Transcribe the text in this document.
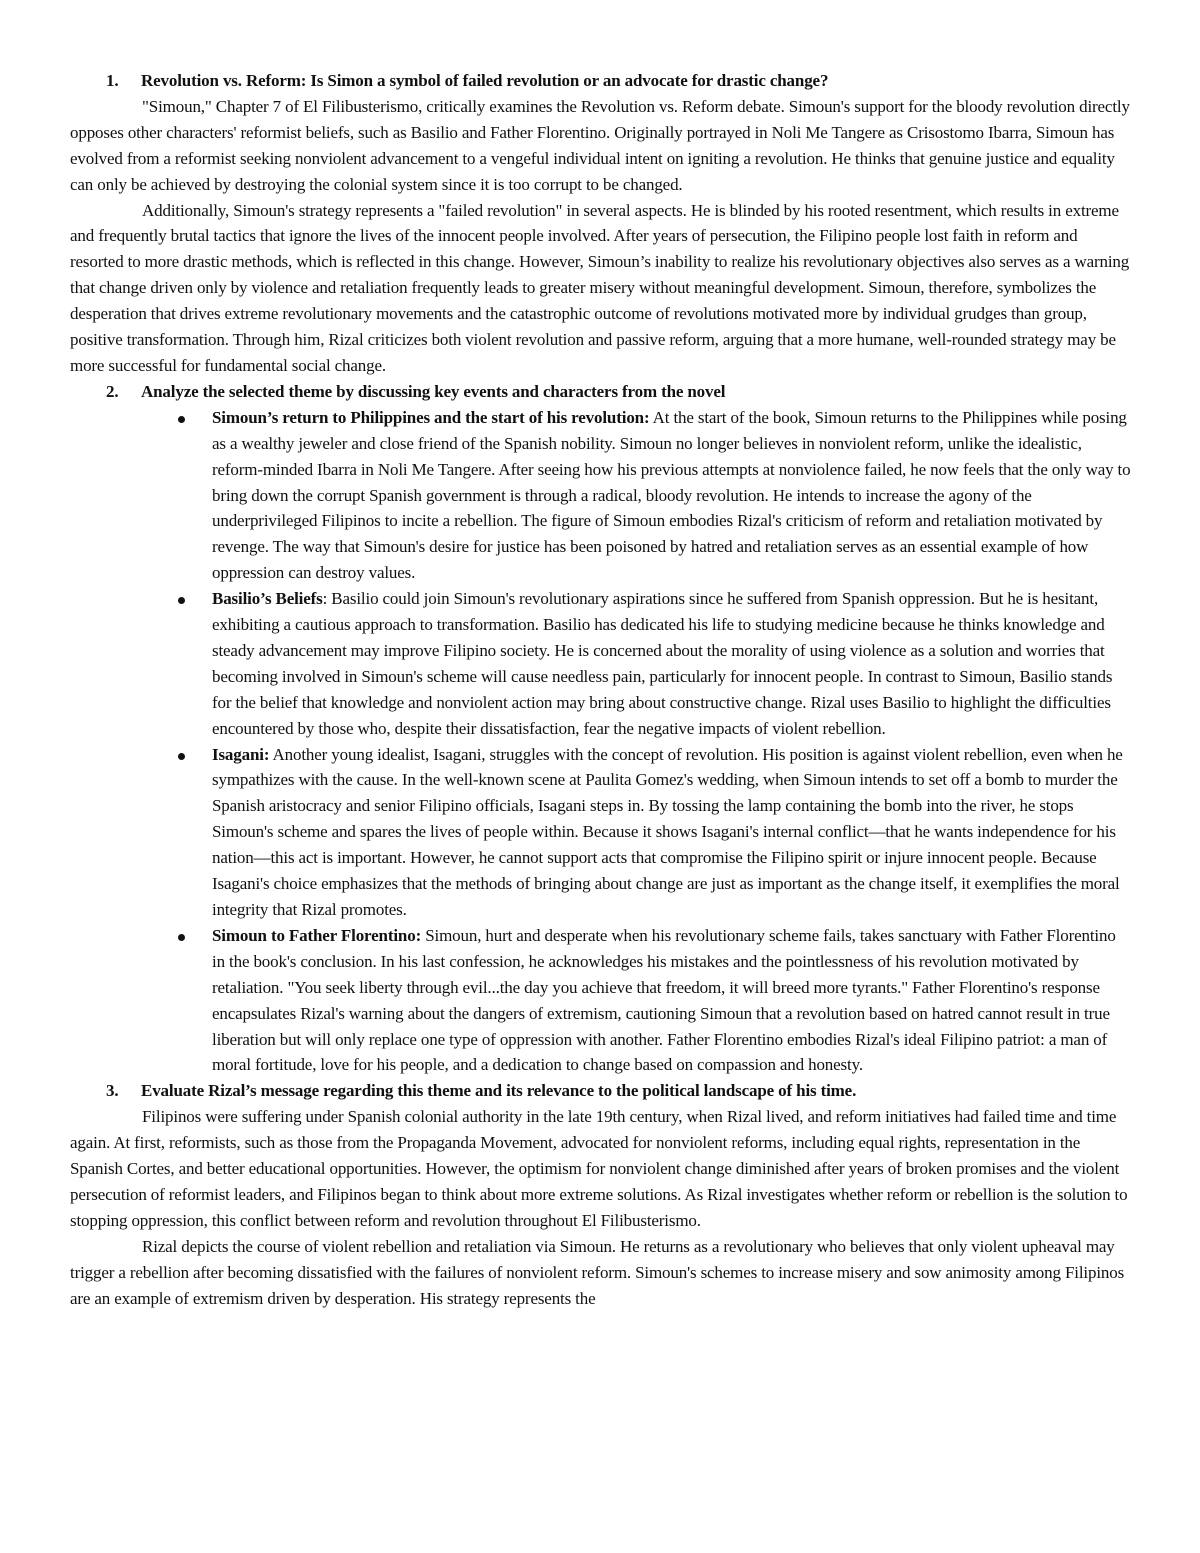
1. Revolution vs. Reform: Is Simon a symbol of failed revolution or an advocate for drastic change?

"Simoun," Chapter 7 of El Filibusterismo, critically examines the Revolution vs. Reform debate. Simoun's support for the bloody revolution directly opposes other characters' reformist beliefs, such as Basilio and Father Florentino. Originally portrayed in Noli Me Tangere as Crisostomo Ibarra, Simoun has evolved from a reformist seeking nonviolent advancement to a vengeful individual intent on igniting a revolution. He thinks that genuine justice and equality can only be achieved by destroying the colonial system since it is too corrupt to be changed.

Additionally, Simoun's strategy represents a "failed revolution" in several aspects. He is blinded by his rooted resentment, which results in extreme and frequently brutal tactics that ignore the lives of the innocent people involved. After years of persecution, the Filipino people lost faith in reform and resorted to more drastic methods, which is reflected in this change. However, Simoun’s inability to realize his revolutionary objectives also serves as a warning that change driven only by violence and retaliation frequently leads to greater misery without meaningful development. Simoun, therefore, symbolizes the desperation that drives extreme revolutionary movements and the catastrophic outcome of revolutions motivated more by individual grudges than group, positive transformation. Through him, Rizal criticizes both violent revolution and passive reform, arguing that a more humane, well-rounded strategy may be more successful for fundamental social change.

2. Analyze the selected theme by discussing key events and characters from the novel
Simoun’s return to Philippines and the start of his revolution: At the start of the book, Simoun returns to the Philippines while posing as a wealthy jeweler and close friend of the Spanish nobility. Simoun no longer believes in nonviolent reform, unlike the idealistic, reform-minded Ibarra in Noli Me Tangere. After seeing how his previous attempts at nonviolence failed, he now feels that the only way to bring down the corrupt Spanish government is through a radical, bloody revolution. He intends to increase the agony of the underprivileged Filipinos to incite a rebellion. The figure of Simoun embodies Rizal's criticism of reform and retaliation motivated by revenge. The way that Simoun's desire for justice has been poisoned by hatred and retaliation serves as an essential example of how oppression can destroy values.
Basilio’s Beliefs: Basilio could join Simoun's revolutionary aspirations since he suffered from Spanish oppression. But he is hesitant, exhibiting a cautious approach to transformation. Basilio has dedicated his life to studying medicine because he thinks knowledge and steady advancement may improve Filipino society. He is concerned about the morality of using violence as a solution and worries that becoming involved in Simoun's scheme will cause needless pain, particularly for innocent people. In contrast to Simoun, Basilio stands for the belief that knowledge and nonviolent action may bring about constructive change. Rizal uses Basilio to highlight the difficulties encountered by those who, despite their dissatisfaction, fear the negative impacts of violent rebellion.
Isagani: Another young idealist, Isagani, struggles with the concept of revolution. His position is against violent rebellion, even when he sympathizes with the cause. In the well-known scene at Paulita Gomez's wedding, when Simoun intends to set off a bomb to murder the Spanish aristocracy and senior Filipino officials, Isagani steps in. By tossing the lamp containing the bomb into the river, he stops Simoun's scheme and spares the lives of people within. Because it shows Isagani's internal conflict—that he wants independence for his nation—this act is important. However, he cannot support acts that compromise the Filipino spirit or injure innocent people. Because Isagani's choice emphasizes that the methods of bringing about change are just as important as the change itself, it exemplifies the moral integrity that Rizal promotes.
Simoun to Father Florentino: Simoun, hurt and desperate when his revolutionary scheme fails, takes sanctuary with Father Florentino in the book's conclusion. In his last confession, he acknowledges his mistakes and the pointlessness of his revolution motivated by retaliation. "You seek liberty through evil...the day you achieve that freedom, it will breed more tyrants." Father Florentino's response encapsulates Rizal's warning about the dangers of extremism, cautioning Simoun that a revolution based on hatred cannot result in true liberation but will only replace one type of oppression with another. Father Florentino embodies Rizal's ideal Filipino patriot: a man of moral fortitude, love for his people, and a dedication to change based on compassion and honesty.
3. Evaluate Rizal’s message regarding this theme and its relevance to the political landscape of his time.

Filipinos were suffering under Spanish colonial authority in the late 19th century, when Rizal lived, and reform initiatives had failed time and time again. At first, reformists, such as those from the Propaganda Movement, advocated for nonviolent reforms, including equal rights, representation in the Spanish Cortes, and better educational opportunities. However, the optimism for nonviolent change diminished after years of broken promises and the violent persecution of reformist leaders, and Filipinos began to think about more extreme solutions. As Rizal investigates whether reform or rebellion is the solution to stopping oppression, this conflict between reform and revolution throughout El Filibusterismo.

Rizal depicts the course of violent rebellion and retaliation via Simoun. He returns as a revolutionary who believes that only violent upheaval may trigger a rebellion after becoming dissatisfied with the failures of nonviolent reform. Simoun's schemes to increase misery and sow animosity among Filipinos are an example of extremism driven by desperation. His strategy represents the
